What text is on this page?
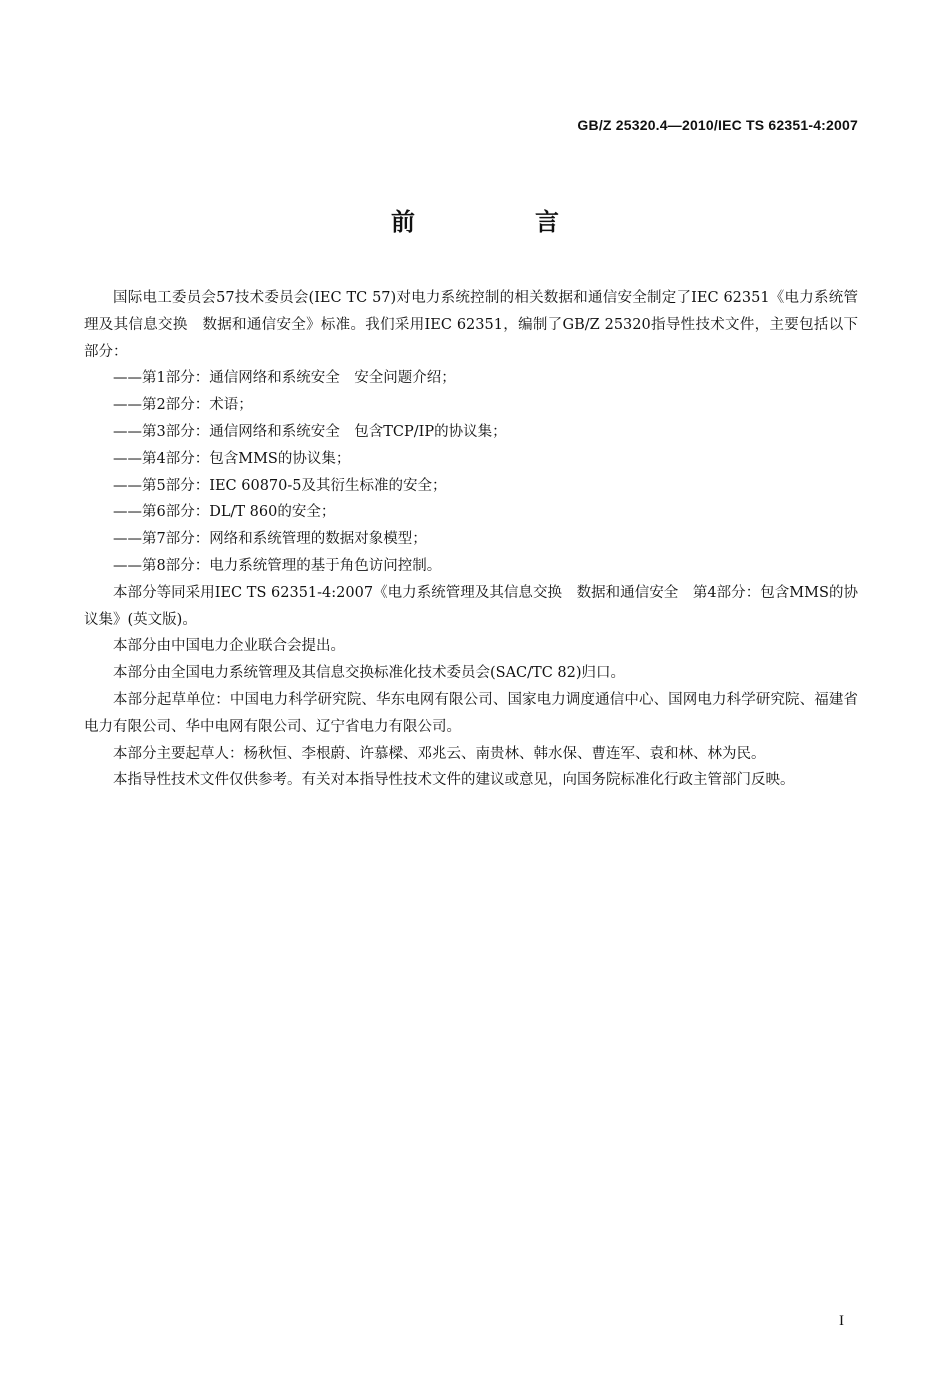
GB/Z 25320.4—2010/IEC TS 62351-4:2007
前　言

国际电工委员会57技术委员会(IEC TC 57)对电力系统控制的相关数据和通信安全制定了IEC 62351《电力系统管理及其信息交换　数据和通信安全》标准。我们采用IEC 62351，编制了GB/Z 25320指导性技术文件，主要包括以下部分：

——第1部分：通信网络和系统安全　安全问题介绍；

——第2部分：术语；

——第3部分：通信网络和系统安全　包含TCP/IP的协议集；

——第4部分：包含MMS的协议集；

——第5部分：IEC 60870-5及其衍生标准的安全；

——第6部分：DL/T 860的安全；

——第7部分：网络和系统管理的数据对象模型；

——第8部分：电力系统管理的基于角色访问控制。

本部分等同采用IEC TS 62351-4:2007《电力系统管理及其信息交换　数据和通信安全　第4部分：包含MMS的协议集》(英文版)。

本部分由中国电力企业联合会提出。

本部分由全国电力系统管理及其信息交换标准化技术委员会(SAC/TC 82)归口。

本部分起草单位：中国电力科学研究院、华东电网有限公司、国家电力调度通信中心、国网电力科学研究院、福建省电力有限公司、华中电网有限公司、辽宁省电力有限公司。

本部分主要起草人：杨秋恒、李根蔚、许慕樑、邓兆云、南贵林、韩水保、曹连军、袁和林、林为民。

本指导性技术文件仅供参考。有关对本指导性技术文件的建议或意见，向国务院标准化行政主管部门反映。

I
